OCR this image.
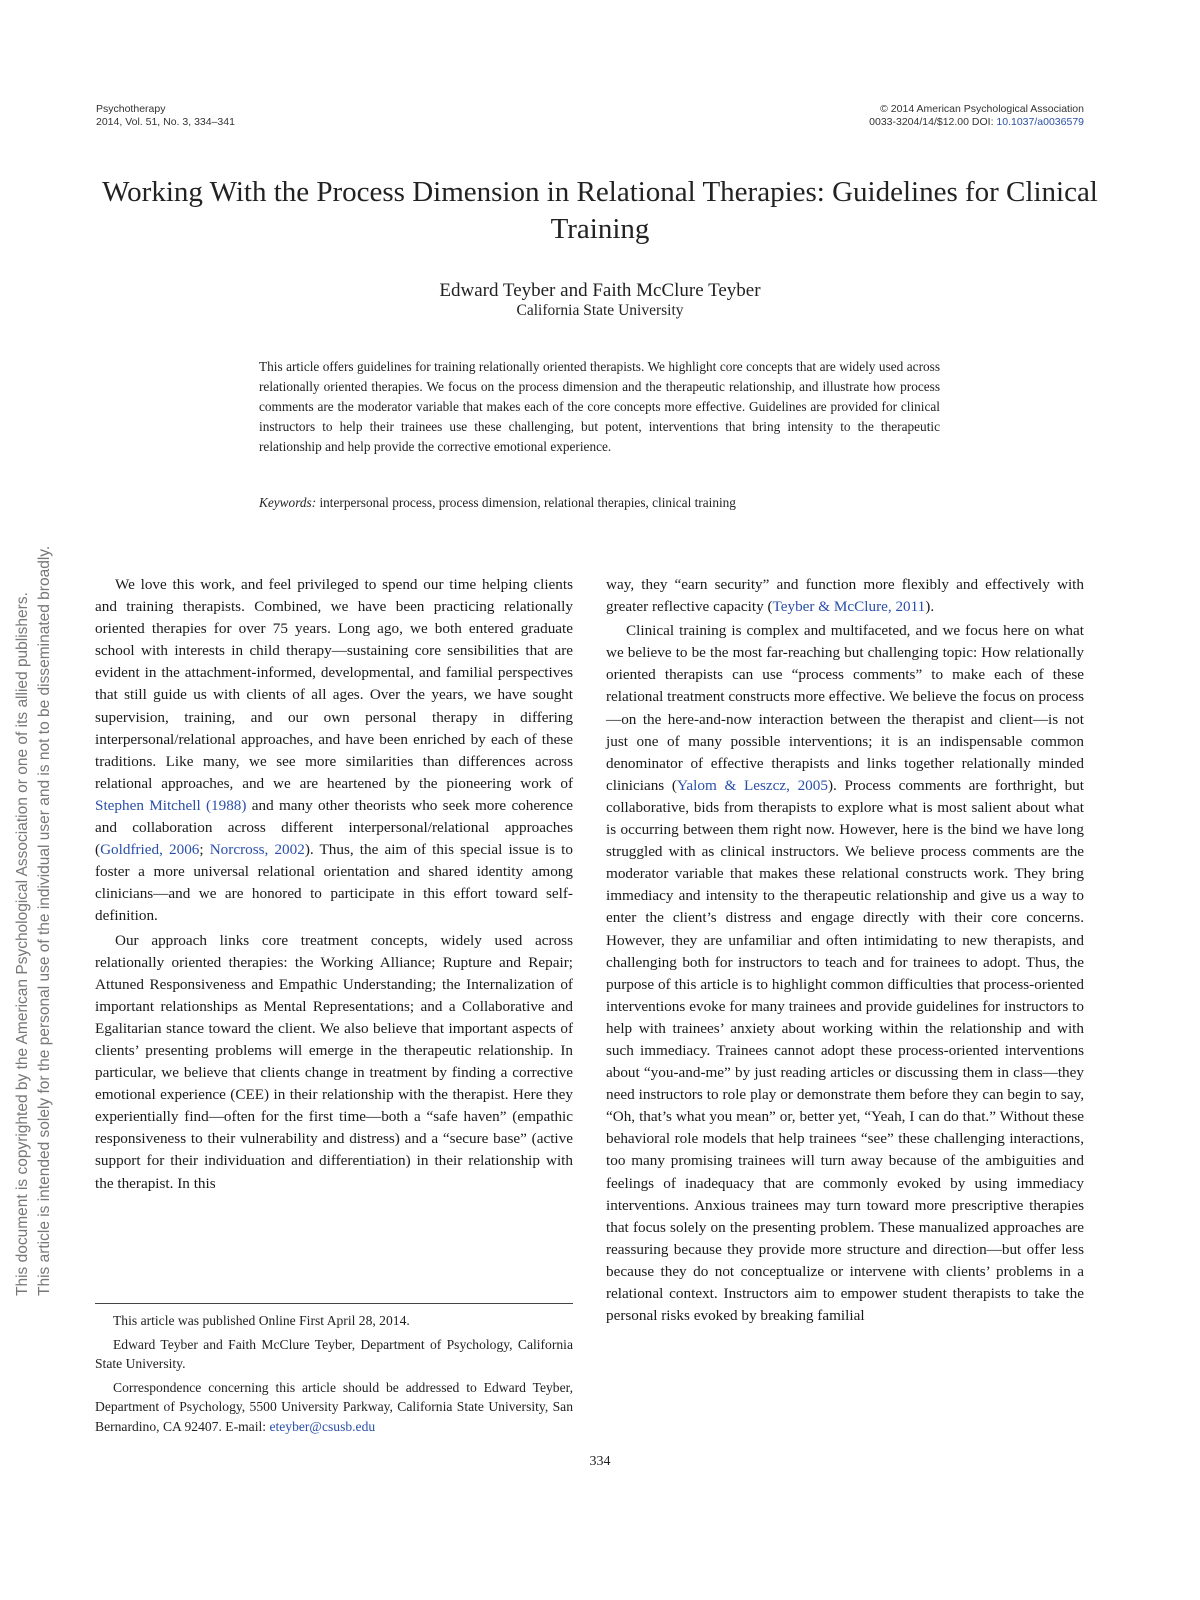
Psychotherapy
2014, Vol. 51, No. 3, 334–341
© 2014 American Psychological Association
0033-3204/14/$12.00 DOI: 10.1037/a0036579
This document is copyrighted by the American Psychological Association or one of its allied publishers. This article is intended solely for the personal use of the individual user and is not to be disseminated broadly.
Working With the Process Dimension in Relational Therapies: Guidelines for Clinical Training
Edward Teyber and Faith McClure Teyber
California State University
This article offers guidelines for training relationally oriented therapists. We highlight core concepts that are widely used across relationally oriented therapies. We focus on the process dimension and the therapeutic relationship, and illustrate how process comments are the moderator variable that makes each of the core concepts more effective. Guidelines are provided for clinical instructors to help their trainees use these challenging, but potent, interventions that bring intensity to the therapeutic relationship and help provide the corrective emotional experience.
Keywords: interpersonal process, process dimension, relational therapies, clinical training

We love this work, and feel privileged to spend our time helping clients and training therapists. Combined, we have been practicing relationally oriented therapies for over 75 years. Long ago, we both entered graduate school with interests in child therapy—sustaining core sensibilities that are evident in the attachment-informed, developmental, and familial perspectives that still guide us with clients of all ages. Over the years, we have sought supervision, training, and our own personal therapy in differing interpersonal/relational approaches, and have been enriched by each of these traditions. Like many, we see more similarities than differences across relational approaches, and we are heartened by the pioneering work of Stephen Mitchell (1988) and many other theorists who seek more coherence and collaboration across different interpersonal/relational approaches (Goldfried, 2006; Norcross, 2002). Thus, the aim of this special issue is to foster a more universal relational orientation and shared identity among clinicians—and we are honored to participate in this effort toward self-definition.

Our approach links core treatment concepts, widely used across relationally oriented therapies: the Working Alliance; Rupture and Repair; Attuned Responsiveness and Empathic Understanding; the Internalization of important relationships as Mental Representations; and a Collaborative and Egalitarian stance toward the client. We also believe that important aspects of clients’ presenting problems will emerge in the therapeutic relationship. In particular, we believe that clients change in treatment by finding a corrective emotional experience (CEE) in their relationship with the therapist. Here they experientially find—often for the first time—both a “safe haven” (empathic responsiveness to their vulnerability and distress) and a “secure base” (active support for their individuation and differentiation) in their relationship with the therapist. In this

way, they “earn security” and function more flexibly and effectively with greater reflective capacity (Teyber & McClure, 2011).

Clinical training is complex and multifaceted, and we focus here on what we believe to be the most far-reaching but challenging topic: How relationally oriented therapists can use “process comments” to make each of these relational treatment constructs more effective. We believe the focus on process—on the here-and-now interaction between the therapist and client—is not just one of many possible interventions; it is an indispensable common denominator of effective therapists and links together relationally minded clinicians (Yalom & Leszcz, 2005). Process comments are forthright, but collaborative, bids from therapists to explore what is most salient about what is occurring between them right now. However, here is the bind we have long struggled with as clinical instructors. We believe process comments are the moderator variable that makes these relational constructs work. They bring immediacy and intensity to the therapeutic relationship and give us a way to enter the client’s distress and engage directly with their core concerns. However, they are unfamiliar and often intimidating to new therapists, and challenging both for instructors to teach and for trainees to adopt. Thus, the purpose of this article is to highlight common difficulties that process-oriented interventions evoke for many trainees and provide guidelines for instructors to help with trainees’ anxiety about working within the relationship and with such immediacy. Trainees cannot adopt these process-oriented interventions about “you-and-me” by just reading articles or discussing them in class—they need instructors to role play or demonstrate them before they can begin to say, “Oh, that’s what you mean” or, better yet, “Yeah, I can do that.” Without these behavioral role models that help trainees “see” these challenging interactions, too many promising trainees will turn away because of the ambiguities and feelings of inadequacy that are commonly evoked by using immediacy interventions. Anxious trainees may turn toward more prescriptive therapies that focus solely on the presenting problem. These manualized approaches are reassuring because they provide more structure and direction—but offer less because they do not conceptualize or intervene with clients’ problems in a relational context. Instructors aim to empower student therapists to take the personal risks evoked by breaking familial

This article was published Online First April 28, 2014.

Edward Teyber and Faith McClure Teyber, Department of Psychology, California State University.

Correspondence concerning this article should be addressed to Edward Teyber, Department of Psychology, 5500 University Parkway, California State University, San Bernardino, CA 92407. E-mail: eteyber@csusb.edu

334
